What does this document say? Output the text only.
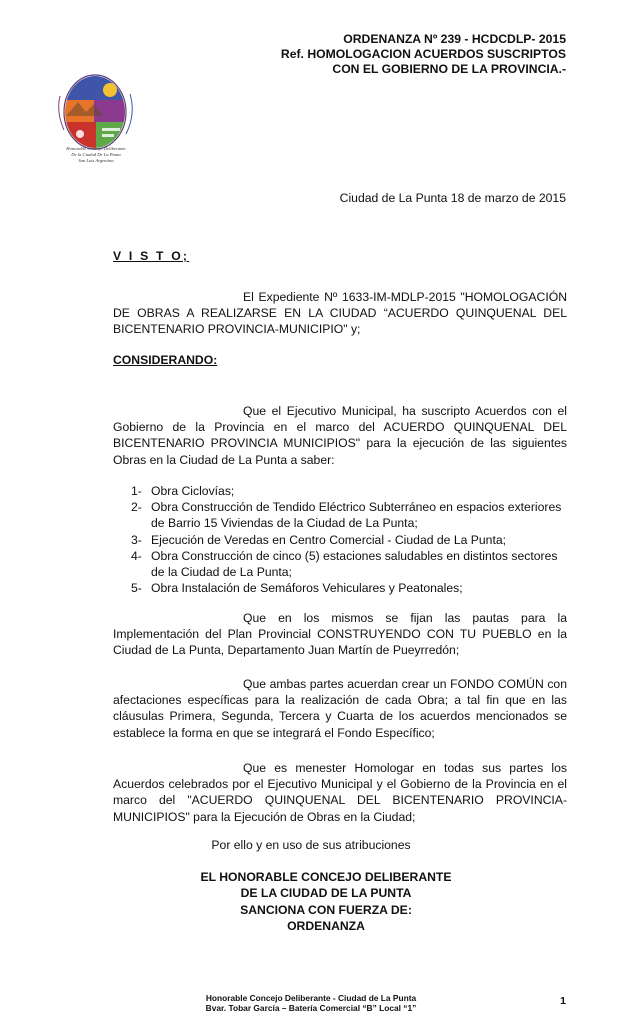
ORDENANZA Nº 239 - HCDCDLP- 2015
Ref. HOMOLOGACION ACUERDOS SUSCRIPTOS
CON EL GOBIERNO DE LA PROVINCIA.-
Honorable Concejo Deliberante
De la Ciudad De La Punta
San Luis Argentina
Ciudad de La Punta 18 de marzo de 2015
V I S T O;

El Expediente Nº 1633-IM-MDLP-2015 "HOMOLOGACIÓN DE OBRAS A REALIZARSE EN LA CIUDAD “ACUERDO QUINQUENAL DEL BICENTENARIO PROVINCIA-MUNICIPIO" y;

CONSIDERANDO:

Que el Ejecutivo Municipal, ha suscripto Acuerdos con el Gobierno de la Provincia en el marco del ACUERDO QUINQUENAL DEL BICENTENARIO PROVINCIA MUNICIPIOS" para la ejecución de las siguientes Obras en la Ciudad de La Punta a saber:

1- Obra Ciclovías;
2- Obra Construcción de Tendido Eléctrico Subterráneo en espacios exteriores de Barrio 15 Viviendas de la Ciudad de La Punta;
3- Ejecución de Veredas en Centro Comercial - Ciudad de La Punta;
4- Obra Construcción de cinco (5) estaciones saludables en distintos sectores de la Ciudad de La Punta;
5- Obra Instalación de Semáforos Vehiculares y Peatonales;

Que en los mismos se fijan las pautas para la Implementación del Plan Provincial CONSTRUYENDO CON TU PUEBLO en la Ciudad de La Punta, Departamento Juan Martín de Pueyrredón;

Que ambas partes acuerdan crear un FONDO COMÚN con afectaciones específicas para la realización de cada Obra; a tal fin que en las cláusulas Primera, Segunda, Tercera y Cuarta de los acuerdos mencionados se establece la forma en que se integrará el Fondo Específico;

Que es menester Homologar en todas sus partes los Acuerdos celebrados por el Ejecutivo Municipal y el Gobierno de la Provincia en el marco del "ACUERDO QUINQUENAL DEL BICENTENARIO PROVINCIA-MUNICIPIOS" para la Ejecución de Obras en la Ciudad;

Por ello y en uso de sus atribuciones
EL HONORABLE CONCEJO DELIBERANTE
DE LA CIUDAD DE LA PUNTA
SANCIONA CON FUERZA DE:
ORDENANZA
Honorable Concejo Deliberante - Ciudad de La Punta
Bvar. Tobar García – Batería Comercial “B” Local “1”
1
